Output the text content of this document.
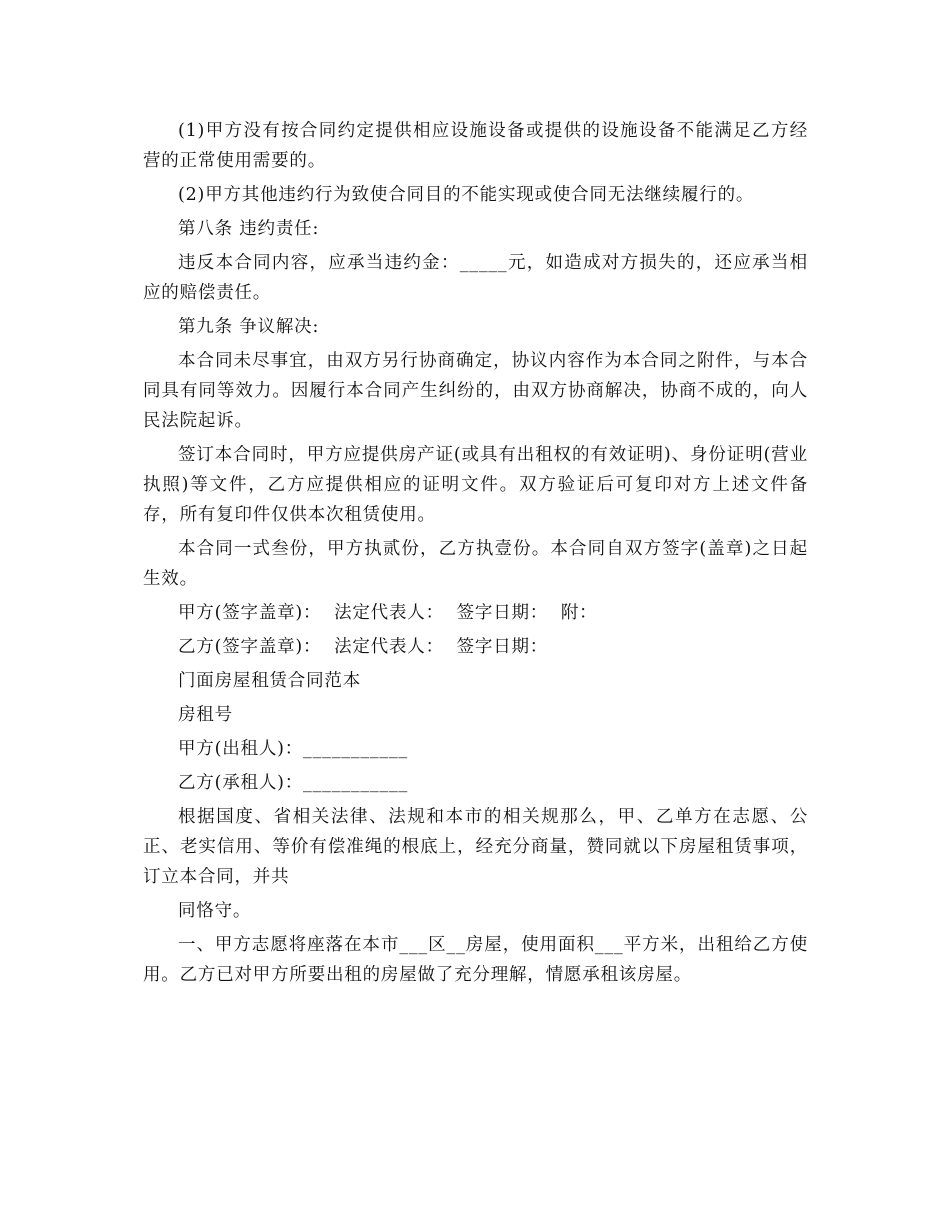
(1)甲方没有按合同约定提供相应设施设备或提供的设施设备不能满足乙方经营的正常使用需要的。

(2)甲方其他违约行为致使合同目的不能实现或使合同无法继续履行的。

第八条 违约责任:

违反本合同内容，应承当违约金：_____元，如造成对方损失的，还应承当相应的赔偿责任。

第九条 争议解决:

本合同未尽事宜，由双方另行协商确定，协议内容作为本合同之附件，与本合同具有同等效力。因履行本合同产生纠纷的，由双方协商解决，协商不成的，向人民法院起诉。

签订本合同时，甲方应提供房产证(或具有出租权的有效证明)、身份证明(营业执照)等文件，乙方应提供相应的证明文件。双方验证后可复印对方上述文件备存，所有复印件仅供本次租赁使用。

本合同一式叁份，甲方执贰份，乙方执壹份。本合同自双方签字(盖章)之日起生效。

甲方(签字盖章)：  法定代表人：  签字日期：  附：

乙方(签字盖章)：  法定代表人：  签字日期：

门面房屋租赁合同范本

房租号

甲方(出租人)：___________

乙方(承租人)：___________

根据国度、省相关法律、法规和本市的相关规那么，甲、乙单方在志愿、公正、老实信用、等价有偿准绳的根底上，经充分商量，赞同就以下房屋租赁事项，订立本合同，并共

同恪守。

一、甲方志愿将座落在本市___区__房屋，使用面积___平方米，出租给乙方使用。乙方已对甲方所要出租的房屋做了充分理解，情愿承租该房屋。
